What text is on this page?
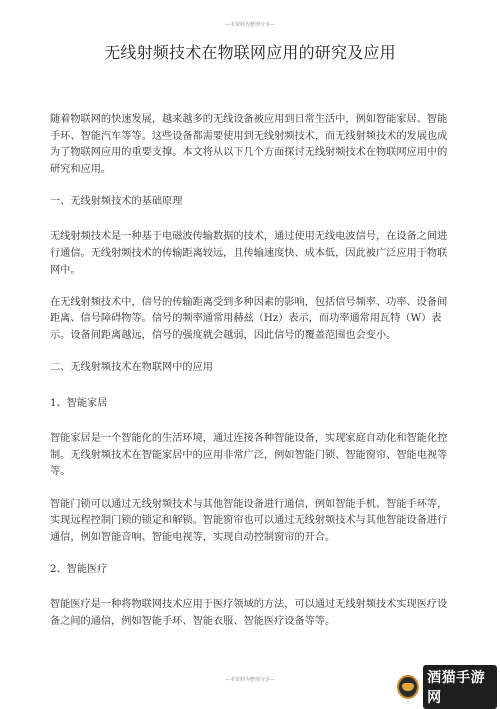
—本资料为整理分享—
无线射频技术在物联网应用的研究及应用

随着物联网的快速发展，越来越多的无线设备被应用到日常生活中，例如智能家居、智能手环、智能汽车等等。这些设备都需要使用到无线射频技术，而无线射频技术的发展也成为了物联网应用的重要支撑。本文将从以下几个方面探讨无线射频技术在物联网应用中的研究和应用。

一、无线射频技术的基础原理

无线射频技术是一种基于电磁波传输数据的技术，通过使用无线电波信号，在设备之间进行通信。无线射频技术的传输距离较远，且传输速度快、成本低，因此被广泛应用于物联网中。

在无线射频技术中，信号的传输距离受到多种因素的影响，包括信号频率、功率、设备间距离、信号障碍物等。信号的频率通常用赫兹（Hz）表示，而功率通常用瓦特（W）表示。设备间距离越远，信号的强度就会越弱，因此信号的覆盖范围也会变小。

二、无线射频技术在物联网中的应用

1、智能家居

智能家居是一个智能化的生活环境，通过连接各种智能设备，实现家庭自动化和智能化控制。无线射频技术在智能家居中的应用非常广泛，例如智能门锁、智能窗帘、智能电视等等。

智能门锁可以通过无线射频技术与其他智能设备进行通信，例如智能手机、智能手环等，实现远程控制门锁的锁定和解锁。智能窗帘也可以通过无线射频技术与其他智能设备进行通信，例如智能音响、智能电视等，实现自动控制窗帘的开合。

2、智能医疗

智能医疗是一种将物联网技术应用于医疗领域的方法，可以通过无线射频技术实现医疗设备之间的通信，例如智能手环、智能衣服、智能医疗设备等等。

—本资料为整理分享—	酒猫手游网
